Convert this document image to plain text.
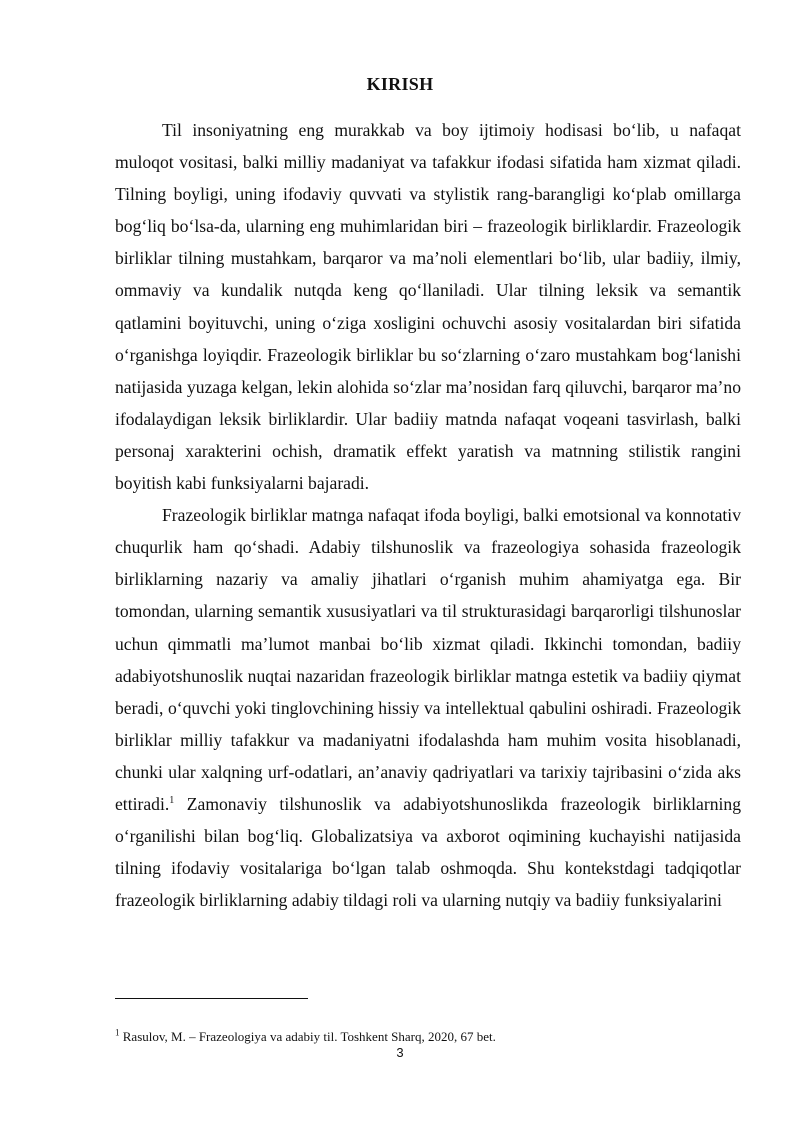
KIRISH

Til insoniyatning eng murakkab va boy ijtimoiy hodisasi bo‘lib, u nafaqat muloqot vositasi, balki milliy madaniyat va tafakkur ifodasi sifatida ham xizmat qiladi. Tilning boyligi, uning ifodaviy quvvati va stylistik rang-barangligi ko‘plab omillarga bog‘liq bo‘lsa-da, ularning eng muhimlaridan biri – frazeologik birliklardir. Frazeologik birliklar tilning mustahkam, barqaror va ma’noli elementlari bo‘lib, ular badiiy, ilmiy, ommaviy va kundalik nutqda keng qo‘llaniladi. Ular tilning leksik va semantik qatlamini boyituvchi, uning o‘ziga xosligini ochuvchi asosiy vositalardan biri sifatida o‘rganishga loyiqdir. Frazeologik birliklar bu so‘zlarning o‘zaro mustahkam bog‘lanishi natijasida yuzaga kelgan, lekin alohida so‘zlar ma’nosidan farq qiluvchi, barqaror ma’no ifodalaydigan leksik birliklardir. Ular badiiy matnda nafaqat voqeani tasvirlash, balki personaj xarakterini ochish, dramatik effekt yaratish va matnning stilistik rangini boyitish kabi funksiyalarni bajaradi.

Frazeologik birliklar matnga nafaqat ifoda boyligi, balki emotsional va konnotativ chuqurlik ham qo‘shadi. Adabiy tilshunoslik va frazeologiya sohasida frazeologik birliklarning nazariy va amaliy jihatlari o‘rganish muhim ahamiyatga ega. Bir tomondan, ularning semantik xususiyatlari va til strukturasidagi barqarorligi tilshunoslar uchun qimmatli ma’lumot manbai bo‘lib xizmat qiladi. Ikkinchi tomondan, badiiy adabiyotshunoslik nuqtai nazaridan frazeologik birliklar matnga estetik va badiiy qiymat beradi, o‘quvchi yoki tinglovchining hissiy va intellektual qabulini oshiradi. Frazeologik birliklar milliy tafakkur va madaniyatni ifodalashda ham muhim vosita hisoblanadi, chunki ular xalqning urf-odatlari, an’anaviy qadriyatlari va tarixiy tajribasini o‘zida aks ettiradi.$^1$ Zamonaviy tilshunoslik va adabiyotshunoslikda frazeologik birliklarning o‘rganilishi bilan bog‘liq. Globalizatsiya va axborot oqimining kuchayishi natijasida tilning ifodaviy vositalariga bo‘lgan talab oshmoqda. Shu kontekstdagi tadqiqotlar frazeologik birliklarning adabiy tildagi roli va ularning nutqiy va badiiy funksiyalarini

$^1$ Rasulov, M. – Frazeologiya va adabiy til. Toshkent Sharq, 2020, 67 bet.
3
